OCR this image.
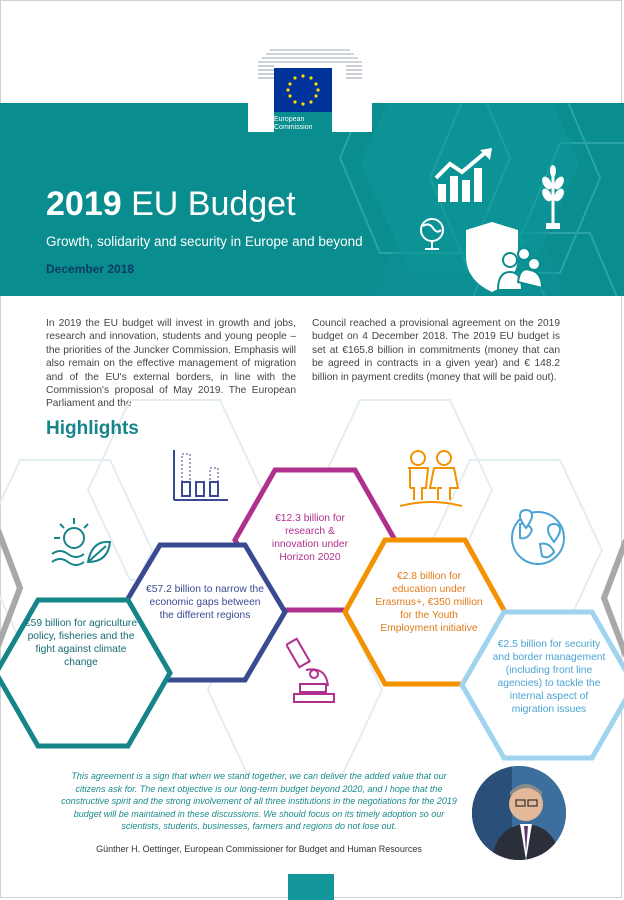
European
Commission
2019 EU Budget
Growth, solidarity and security in Europe and beyond
December 2018
In 2019 the EU budget will invest in growth and jobs, research and innovation, students and young people – the priorities of the Juncker Commission. Emphasis will also remain on the effective management of migration and of the EU's external borders, in line with the Commission's proposal of May 2019. The European Parliament and the
Council reached a provisional agreement on the 2019 budget on 4 December 2018. The 2019 EU budget is set at €165.8 billion in commitments (money that can be agreed in contracts in a given year) and € 148.2 billion in payment credits (money that will be paid out).
Highlights
€12.3 billion for research & innovation under Horizon 2020
€57.2 billion to narrow the economic gaps between the different regions
€2.8 billion for education under Erasmus+, €350 million for the Youth Employment initiative
€59 billion for agriculture policy, fisheries and the fight against climate change
€2.5 billion for security and border management (including front line agencies) to tackle the internal aspect of migration issues
This agreement is a sign that when we stand together, we can deliver the added value that our citizens ask for. The next objective is our long-term budget beyond 2020, and I hope that the constructive spirit and the strong involvement of all three institutions in the negotiations for the 2019 budget will be maintained in these discussions. We should focus on its timely adoption so our scientists, students, businesses, farmers and regions do not lose out.
Günther H. Oettinger, European Commissioner for Budget and Human Resources
